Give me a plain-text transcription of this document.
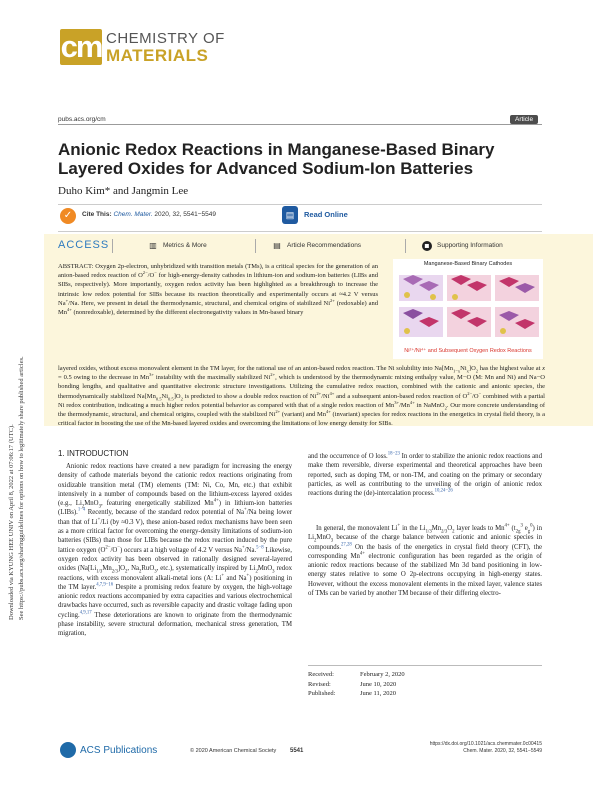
cm CHEMISTRY OF
MATERIALS
pubs.acs.org/cm	Article
Anionic Redox Reactions in Manganese-Based Binary Layered Oxides for Advanced Sodium-Ion Batteries
Duho Kim* and Jangmin Lee
✓	Cite This: Chem. Mater. 2020, 32, 5541−5549	▤	Read Online
ACCESS	▥ Metrics & More	▤ Article Recommendations	▪	Supporting Information
ABSTRACT: Oxygen 2p-electron, unhybridized with transition metals (TMs), is a critical species for the generation of an anion-based redox reaction of $O^{2-}/O^-$ for high-energy-density cathodes in lithium-ion and sodium-ion batteries (LIBs and SIBs, respectively). More importantly, oxygen redox activity has been highlighted as a breakthrough to increase the intrinsic low redox potential for SIBs because its reaction theoretically and experimentally occurs at ≈4.2 V versus Na+/Na. Here, we present in detail the thermodynamic, structural, and chemical origins of stabilized $Ni^{2+}$ (redoxable) and $Mn^{4+}$ (nonredoxable), determined by the different electronegativity values in Mn-based binary
layered oxides, without excess monovalent element in the TM layer, for the rational use of an anion-based redox reaction. The Ni solubility into $Na[Mn_{1-x}Ni_x]O_2$ has the highest value at x = 0.5 owing to the decrease in $Mn^{3+}$ instability with the maximally stabilized $Ni^{2+}$, which is understood by the thermodynamic mixing enthalpy value, M−O (M: Mn and Ni) and Na−O bonding lengths, and qualitative and quantitative electronic structure investigations. Utilizing the cumulative redox reaction, combined with the cationic and anionic species, the thermodynamically stabilized $Na[Mn_{0.5}Ni_{0.5}]O_2$ is predicted to show a double redox reaction of $Ni^{2+}/Ni^{4+}$ and a subsequent anion-based redox reaction of $O^{2-}/O^-$ combined with a partial Ni redox contribution, indicating a much higher redox potential behavior as compared with that of a single redox reaction of $Mn^{3+}/Mn^{4+}$ in NaMnO$_2$. Our more concrete understanding of the thermodynamic, structural, and chemical origins, coupled with the stabilized $Ni^{2+}$ (variant) and $Mn^{4+}$ (invariant) species for redox reactions in the energetics in crystal field theory, is a critical factor in boosting the use of the Mn-based layered oxides and overcoming the limitations of low energy density for SIBs.
Manganese-Based Binary Cathodes
Ni²⁺/Ni⁴⁺ and Subsequent Oxygen Redox Reactions
Downloaded via KYUNG HEE UNIV on April 8, 2022 at 07:06:17 (UTC). See https://pubs.acs.org/sharingguidelines for options on how to legitimately share published articles.	1. INTRODUCTION
Anionic redox reactions have created a new paradigm for increasing the energy density of cathode materials beyond the cationic redox reactions originating from oxidizable transition metal (TM) elements (TM: Ni, Co, Mn, etc.) that exhibit intensively in a number of compounds based on the lithium-excess layered oxides (e.g., $Li_2MnO_3$, featuring energetically stabilized $Mn^{4+}$) in lithium-ion batteries (LIBs).$^{1-4}$ Recently, because of the standard redox potential of Na+/Na being lower than that of Li+/Li (by ≈0.3 V), these anion-based redox mechanisms have been seen as a more critical factor for overcoming the energy-density limitations of sodium-ion batteries (SIBs) than those for LIBs because the redox reaction induced by the pure lattice oxygen $(O^{2-}/O^-)$ occurs at a high voltage of 4.2 V versus Na+/Na.$^{5-8}$ Likewise, oxygen redox activity has been observed in rationally designed several-layered oxides ($Na[Li_{1/3}Mn_{2/3}]O_2$, $Na_2RuO_3$, etc.), systematically inspired by $Li_2MnO_3$ redox reactions, with excess monovalent alkali-metal ions (A: Li+ and Na+) positioning in the TM layer.$^{4,7,9-16}$ Despite a promising redox feature by oxygen, the high-voltage anionic redox reactions accompanied by extra capacities and various electrochemical drawbacks have occurred, such as reversible capacity and drastic voltage fading upon cycling.$^{4,9,17}$ These deteriorations are known to originate from the thermodynamic phase instability, severe structural deformation, mechanical stress generation, TM migration,
and the occurrence of O loss.$^{18-23}$ In order to stabilize the anionic redox reactions and make them reversible, diverse experimental and theoretical approaches have been reported, such as doping TM, or non-TM, and coating on the primary or secondary particles, as well as contributing to the unveiling of the origin of anionic redox reactions during the (de)-intercalation process.$^{10,24-26}$
In general, the monovalent Li+ in the $Li_{1/3}Mn_{2/3}O_2$ layer leads to $Mn^{4+}$ ($t_{2g}^3$ $e_g^0$) in $Li_2MnO_3$ because of the charge balance between cationic and anionic species in compounds.$^{27,28}$ On the basis of the energetics in crystal field theory (CFT), the corresponding $Mn^{4+}$ electronic configuration has been regarded as the origin of anionic redox reactions because of the stabilized Mn 3d band positioning in low-energy states relative to some O 2p-electrons occupying in high-energy states. However, without the excess monovalent elements in the mixed layer, valence states of TMs can be varied by another TM because of their differing electro-
Received:	February 2, 2020
Revised:	June 10, 2020
Published:	June 11, 2020
ACS Publications	© 2020 American Chemical Society 5541
https://dx.doi.org/10.1021/acs.chemmater.0c00415
Chem. Mater. 2020, 32, 5541−5549
